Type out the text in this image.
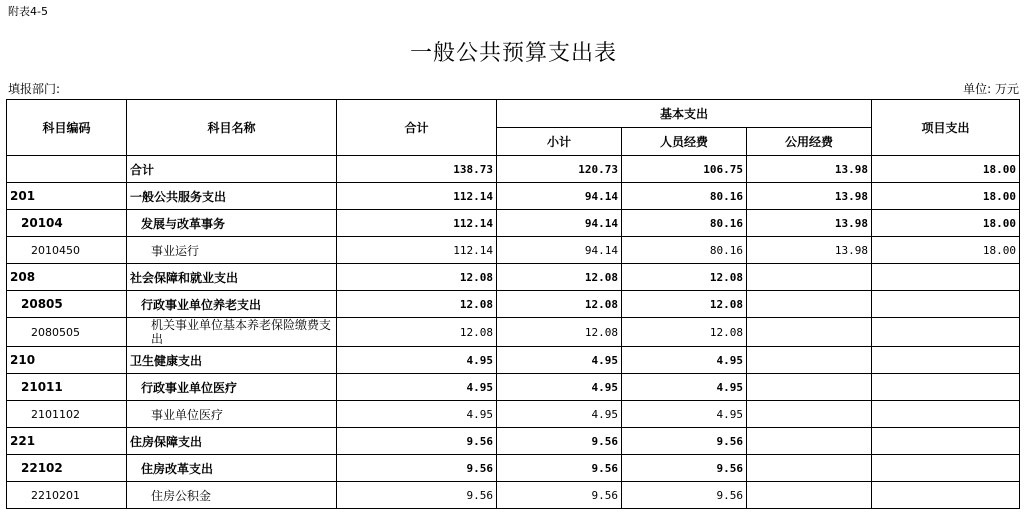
附表4-5
一般公共预算支出表
填报部门:	单位: 万元
科目编码	科目名称	合计	基本支出			项目支出
			小计	人员经费	公用经费	
	合计	138.73	120.73	106.75	13.98	18.00
201	一般公共服务支出	112.14	94.14	80.16	13.98	18.00
20104	发展与改革事务	112.14	94.14	80.16	13.98	18.00
2010450	事业运行	112.14	94.14	80.16	13.98	18.00
208	社会保障和就业支出	12.08	12.08	12.08		
20805	行政事业单位养老支出	12.08	12.08	12.08		
2080505	机关事业单位基本养老保险缴费支出	12.08	12.08	12.08		
210	卫生健康支出	4.95	4.95	4.95		
21011	行政事业单位医疗	4.95	4.95	4.95		
2101102	事业单位医疗	4.95	4.95	4.95		
221	住房保障支出	9.56	9.56	9.56		
22102	住房改革支出	9.56	9.56	9.56		
2210201	住房公积金	9.56	9.56	9.56		
